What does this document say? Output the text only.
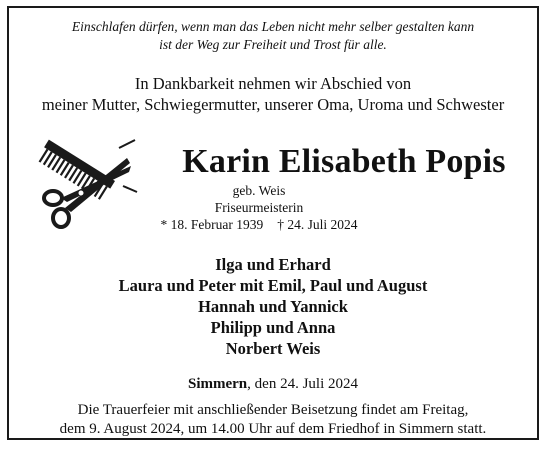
Einschlafen dürfen, wenn man das Leben nicht mehr selber gestalten kann
ist der Weg zur Freiheit und Trost für alle.
In Dankbarkeit nehmen wir Abschied von
meiner Mutter, Schwiegermutter, unserer Oma, Uroma und Schwester
Karin Elisabeth Popis
geb. Weis
Friseurmeisterin
* 18. Februar 1939 † 24. Juli 2024
Ilga und Erhard
Laura und Peter mit Emil, Paul und August
Hannah und Yannick
Philipp und Anna
Norbert Weis
Simmern, den 24. Juli 2024
Die Trauerfeier mit anschließender Beisetzung findet am Freitag,
dem 9. August 2024, um 14.00 Uhr auf dem Friedhof in Simmern statt.
